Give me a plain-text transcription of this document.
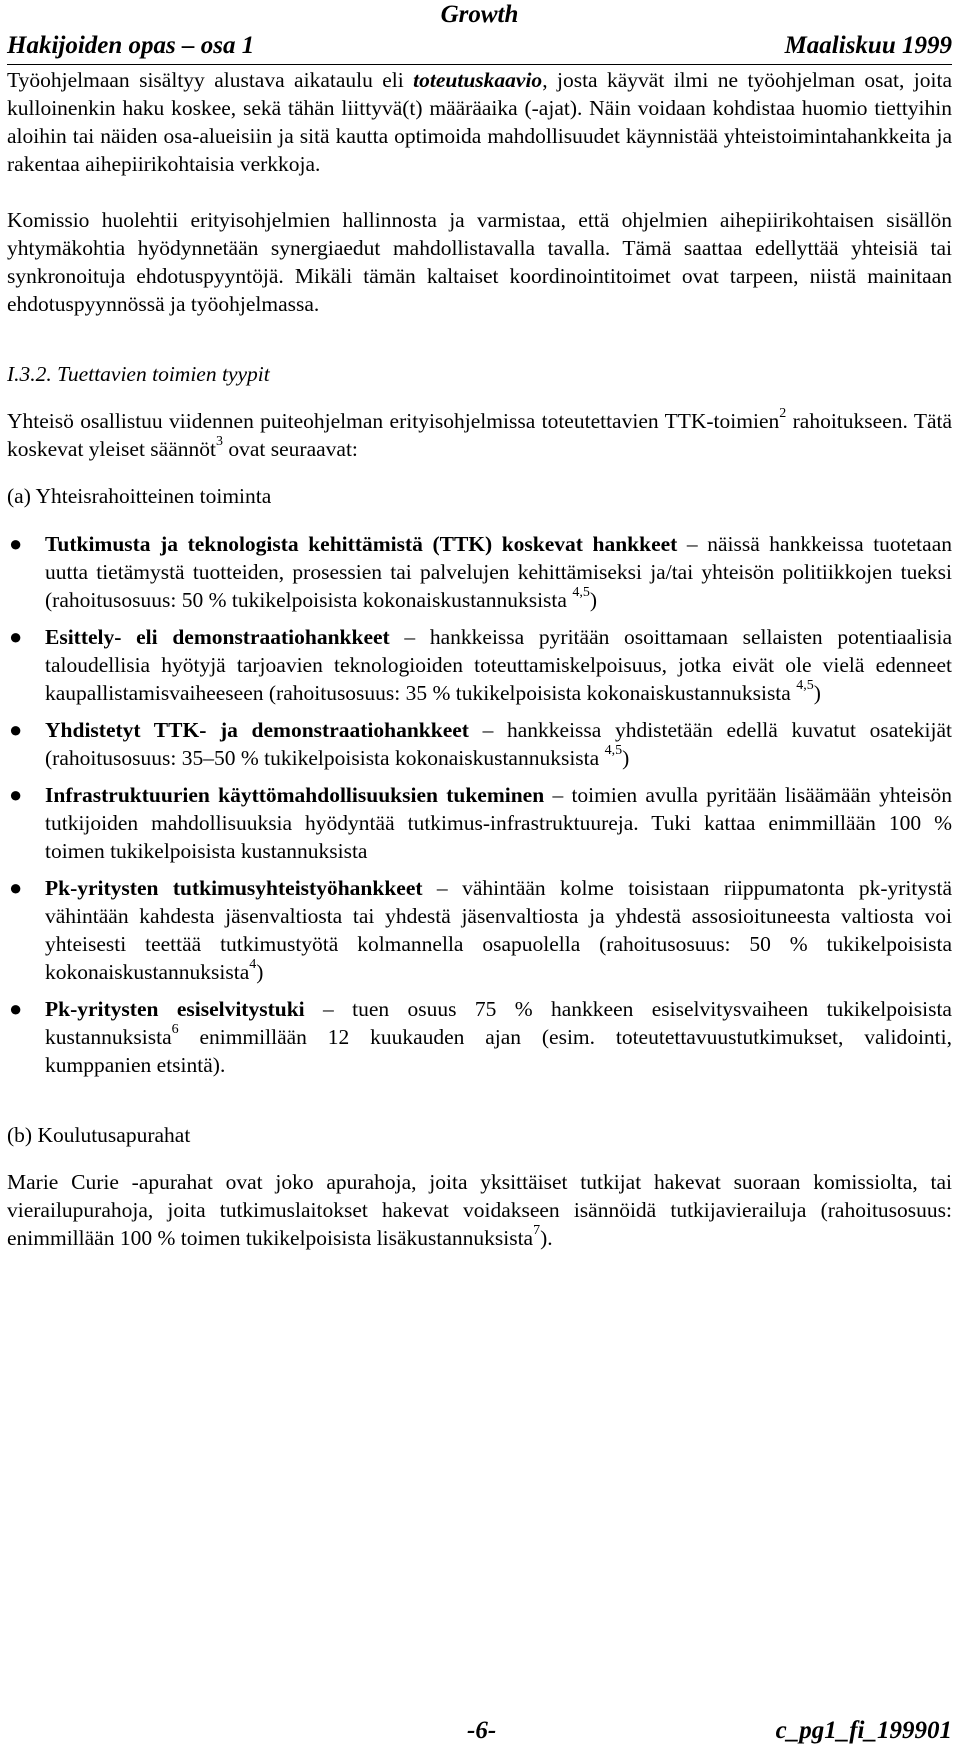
Growth
Hakijoiden opas – osa 1	Maaliskuu 1999

Työohjelmaan sisältyy alustava aikataulu eli toteutuskaavio, josta käyvät ilmi ne työohjelman osat, joita kulloinenkin haku koskee, sekä tähän liittyvä(t) määräaika (-ajat). Näin voidaan kohdistaa huomio tiettyihin aloihin tai näiden osa-alueisiin ja sitä kautta optimoida mahdollisuudet käynnistää yhteistoimintahankkeita ja rakentaa aihepiirikohtaisia verkkoja.

Komissio huolehtii erityisohjelmien hallinnosta ja varmistaa, että ohjelmien aihepiirikohtaisen sisällön yhtymäkohtia hyödynnetään synergiaedut mahdollistavalla tavalla. Tämä saattaa edellyttää yhteisiä tai synkronoituja ehdotuspyyntöjä. Mikäli tämän kaltaiset koordinointitoimet ovat tarpeen, niistä mainitaan ehdotuspyynnössä ja työohjelmassa.

I.3.2. Tuettavien toimien tyypit

Yhteisö osallistuu viidennen puiteohjelman erityisohjelmissa toteutettavien TTK-toimien$^2$ rahoitukseen. Tätä koskevat yleiset säännöt$^3$ ovat seuraavat:

(a) Yhteisrahoitteinen toiminta

● Tutkimusta ja teknologista kehittämistä (TTK) koskevat hankkeet – näissä hankkeissa tuotetaan uutta tietämystä tuotteiden, prosessien tai palvelujen kehittämiseksi ja/tai yhteisön politiikkojen tueksi (rahoitusosuus: 50 % tukikelpoisista kokonaiskustannuksista $^{4,5}$)
● Esittely- eli demonstraatiohankkeet – hankkeissa pyritään osoittamaan sellaisten potentiaalisia taloudellisia hyötyjä tarjoavien teknologioiden toteuttamiskelpoisuus, jotka eivät ole vielä edenneet kaupallistamisvaiheeseen (rahoitusosuus: 35 % tukikelpoisista kokonaiskustannuksista $^{4,5}$)
● Yhdistetyt TTK- ja demonstraatiohankkeet – hankkeissa yhdistetään edellä kuvatut osatekijät (rahoitusosuus: 35–50 % tukikelpoisista kokonaiskustannuksista $^{4,5}$)
● Infrastruktuurien käyttömahdollisuuksien tukeminen – toimien avulla pyritään lisäämään yhteisön tutkijoiden mahdollisuuksia hyödyntää tutkimus-infrastruktuureja. Tuki kattaa enimmillään 100 % toimen tukikelpoisista kustannuksista
● Pk-yritysten tutkimusyhteistyöhankkeet – vähintään kolme toisistaan riippumatonta pk-yritystä vähintään kahdesta jäsenvaltiosta tai yhdestä jäsenvaltiosta ja yhdestä assosioituneesta valtiosta voi yhteisesti teettää tutkimustyötä kolmannella osapuolella (rahoitusosuus: 50 % tukikelpoisista kokonaiskustannuksista$^4$)
● Pk-yritysten esiselvitystuki – tuen osuus 75 % hankkeen esiselvitysvaiheen tukikelpoisista kustannuksista$^6$ enimmillään 12 kuukauden ajan (esim. toteutettavuustutkimukset, validointi, kumppanien etsintä).

(b) Koulutusapurahat

Marie Curie -apurahat ovat joko apurahoja, joita yksittäiset tutkijat hakevat suoraan komissiolta, tai vierailupurahoja, joita tutkimuslaitokset hakevat voidakseen isännöidä tutkijavierailuja (rahoitusosuus: enimmillään 100 % toimen tukikelpoisista lisäkustannuksista$^7$).

-6-	c_pg1_fi_199901
